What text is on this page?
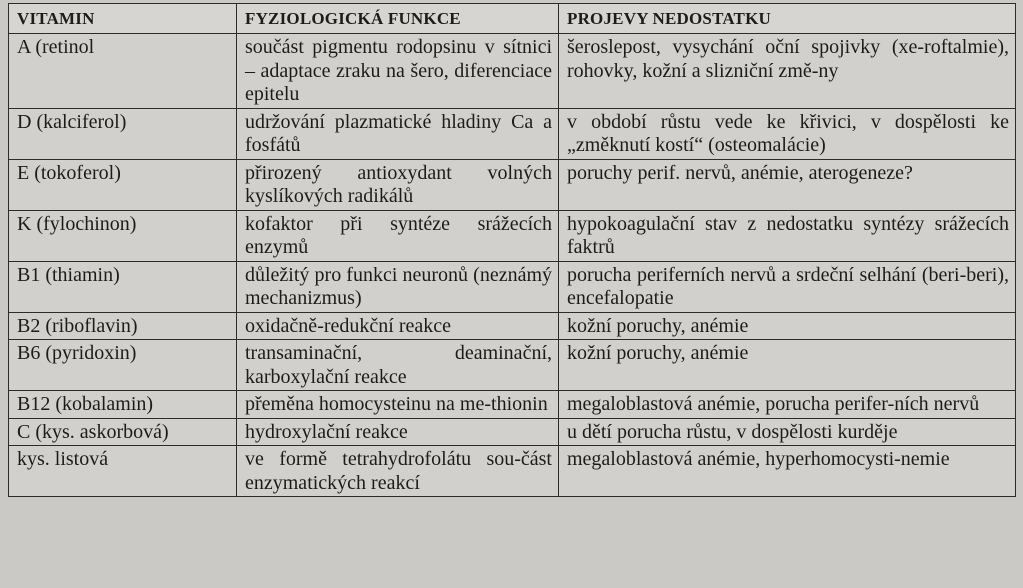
VITAMIN	FYZIOLOGICKÁ FUNKCE	PROJEVY NEDOSTATKU
A (retinol	součást pigmentu rodopsinu v sítnici – adaptace zraku na šero, diferenciace epitelu	šeroslepost, vysychání oční spojivky (xe-roftalmie), rohovky, kožní a slizniční změ-ny
D (kalciferol)	udržování plazmatické hladiny Ca a fosfátů	v období růstu vede ke křivici, v dospělosti ke „změknutí kostí“ (osteomalácie)
E (tokoferol)	přirozený antioxydant volných kyslíkových radikálů	poruchy perif. nervů, anémie, aterogeneze?
K (fylochinon)	kofaktor při syntéze srážecích enzymů	hypokoagulační stav z nedostatku syntézy srážecích faktrů
B1 (thiamin)	důležitý pro funkci neuronů (neznámý mechanizmus)	porucha periferních nervů a srdeční selhání (beri-beri), encefalopatie
B2 (riboflavin)	oxidačně-redukční reakce	kožní poruchy, anémie
B6 (pyridoxin)	transaminační, deaminační, karboxylační reakce	kožní poruchy, anémie
B12 (kobalamin)	přeměna homocysteinu na me-thionin	megaloblastová anémie, porucha perifer-ních nervů
C (kys. askorbová)	hydroxylační reakce	u dětí porucha růstu, v dospělosti kurděje
kys. listová	ve formě tetrahydrofolátu sou-část enzymatických reakcí	megaloblastová anémie, hyperhomocysti-nemie
